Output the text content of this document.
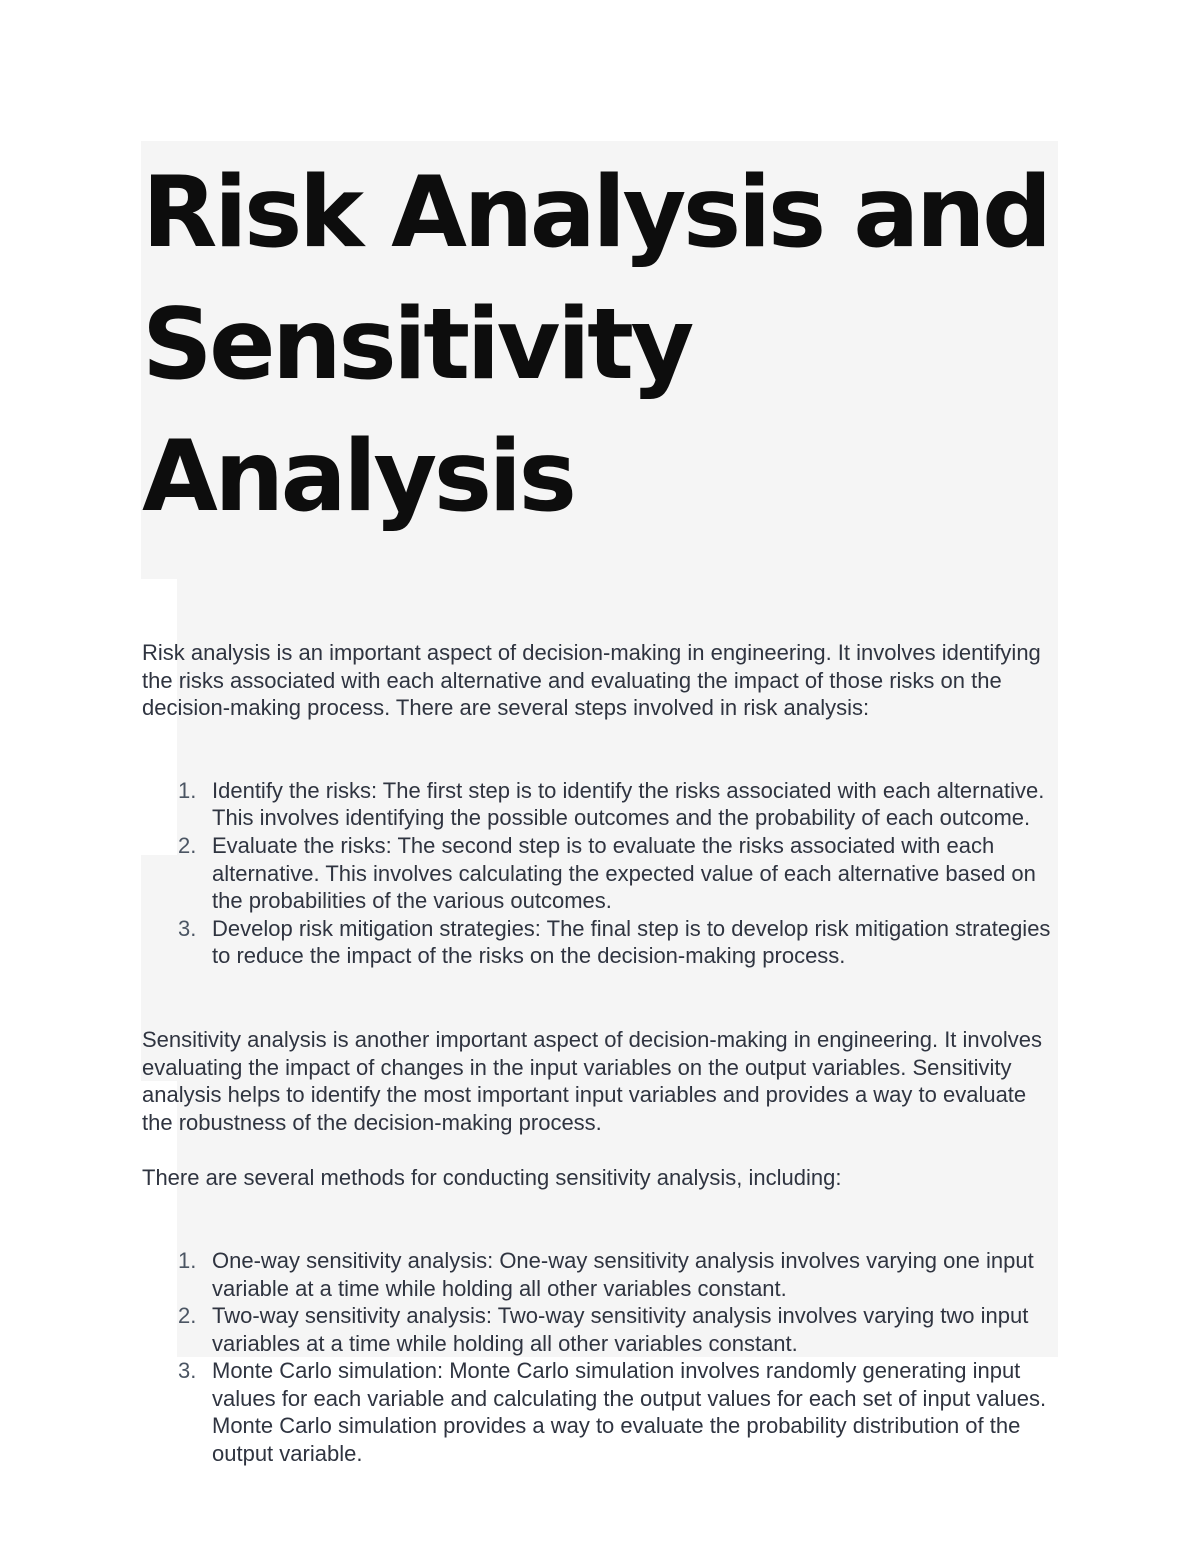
Risk Analysis and Sensitivity Analysis

Risk analysis is an important aspect of decision-making in engineering. It involves identifying the risks associated with each alternative and evaluating the impact of those risks on the decision-making process. There are several steps involved in risk analysis:

1. Identify the risks: The first step is to identify the risks associated with each alternative. This involves identifying the possible outcomes and the probability of each outcome.
2. Evaluate the risks: The second step is to evaluate the risks associated with each alternative. This involves calculating the expected value of each alternative based on the probabilities of the various outcomes.
3. Develop risk mitigation strategies: The final step is to develop risk mitigation strategies to reduce the impact of the risks on the decision-making process.

Sensitivity analysis is another important aspect of decision-making in engineering. It involves evaluating the impact of changes in the input variables on the output variables. Sensitivity analysis helps to identify the most important input variables and provides a way to evaluate the robustness of the decision-making process.

There are several methods for conducting sensitivity analysis, including:

1. One-way sensitivity analysis: One-way sensitivity analysis involves varying one input variable at a time while holding all other variables constant.
2. Two-way sensitivity analysis: Two-way sensitivity analysis involves varying two input variables at a time while holding all other variables constant.
3. Monte Carlo simulation: Monte Carlo simulation involves randomly generating input values for each variable and calculating the output values for each set of input values. Monte Carlo simulation provides a way to evaluate the probability distribution of the output variable.
